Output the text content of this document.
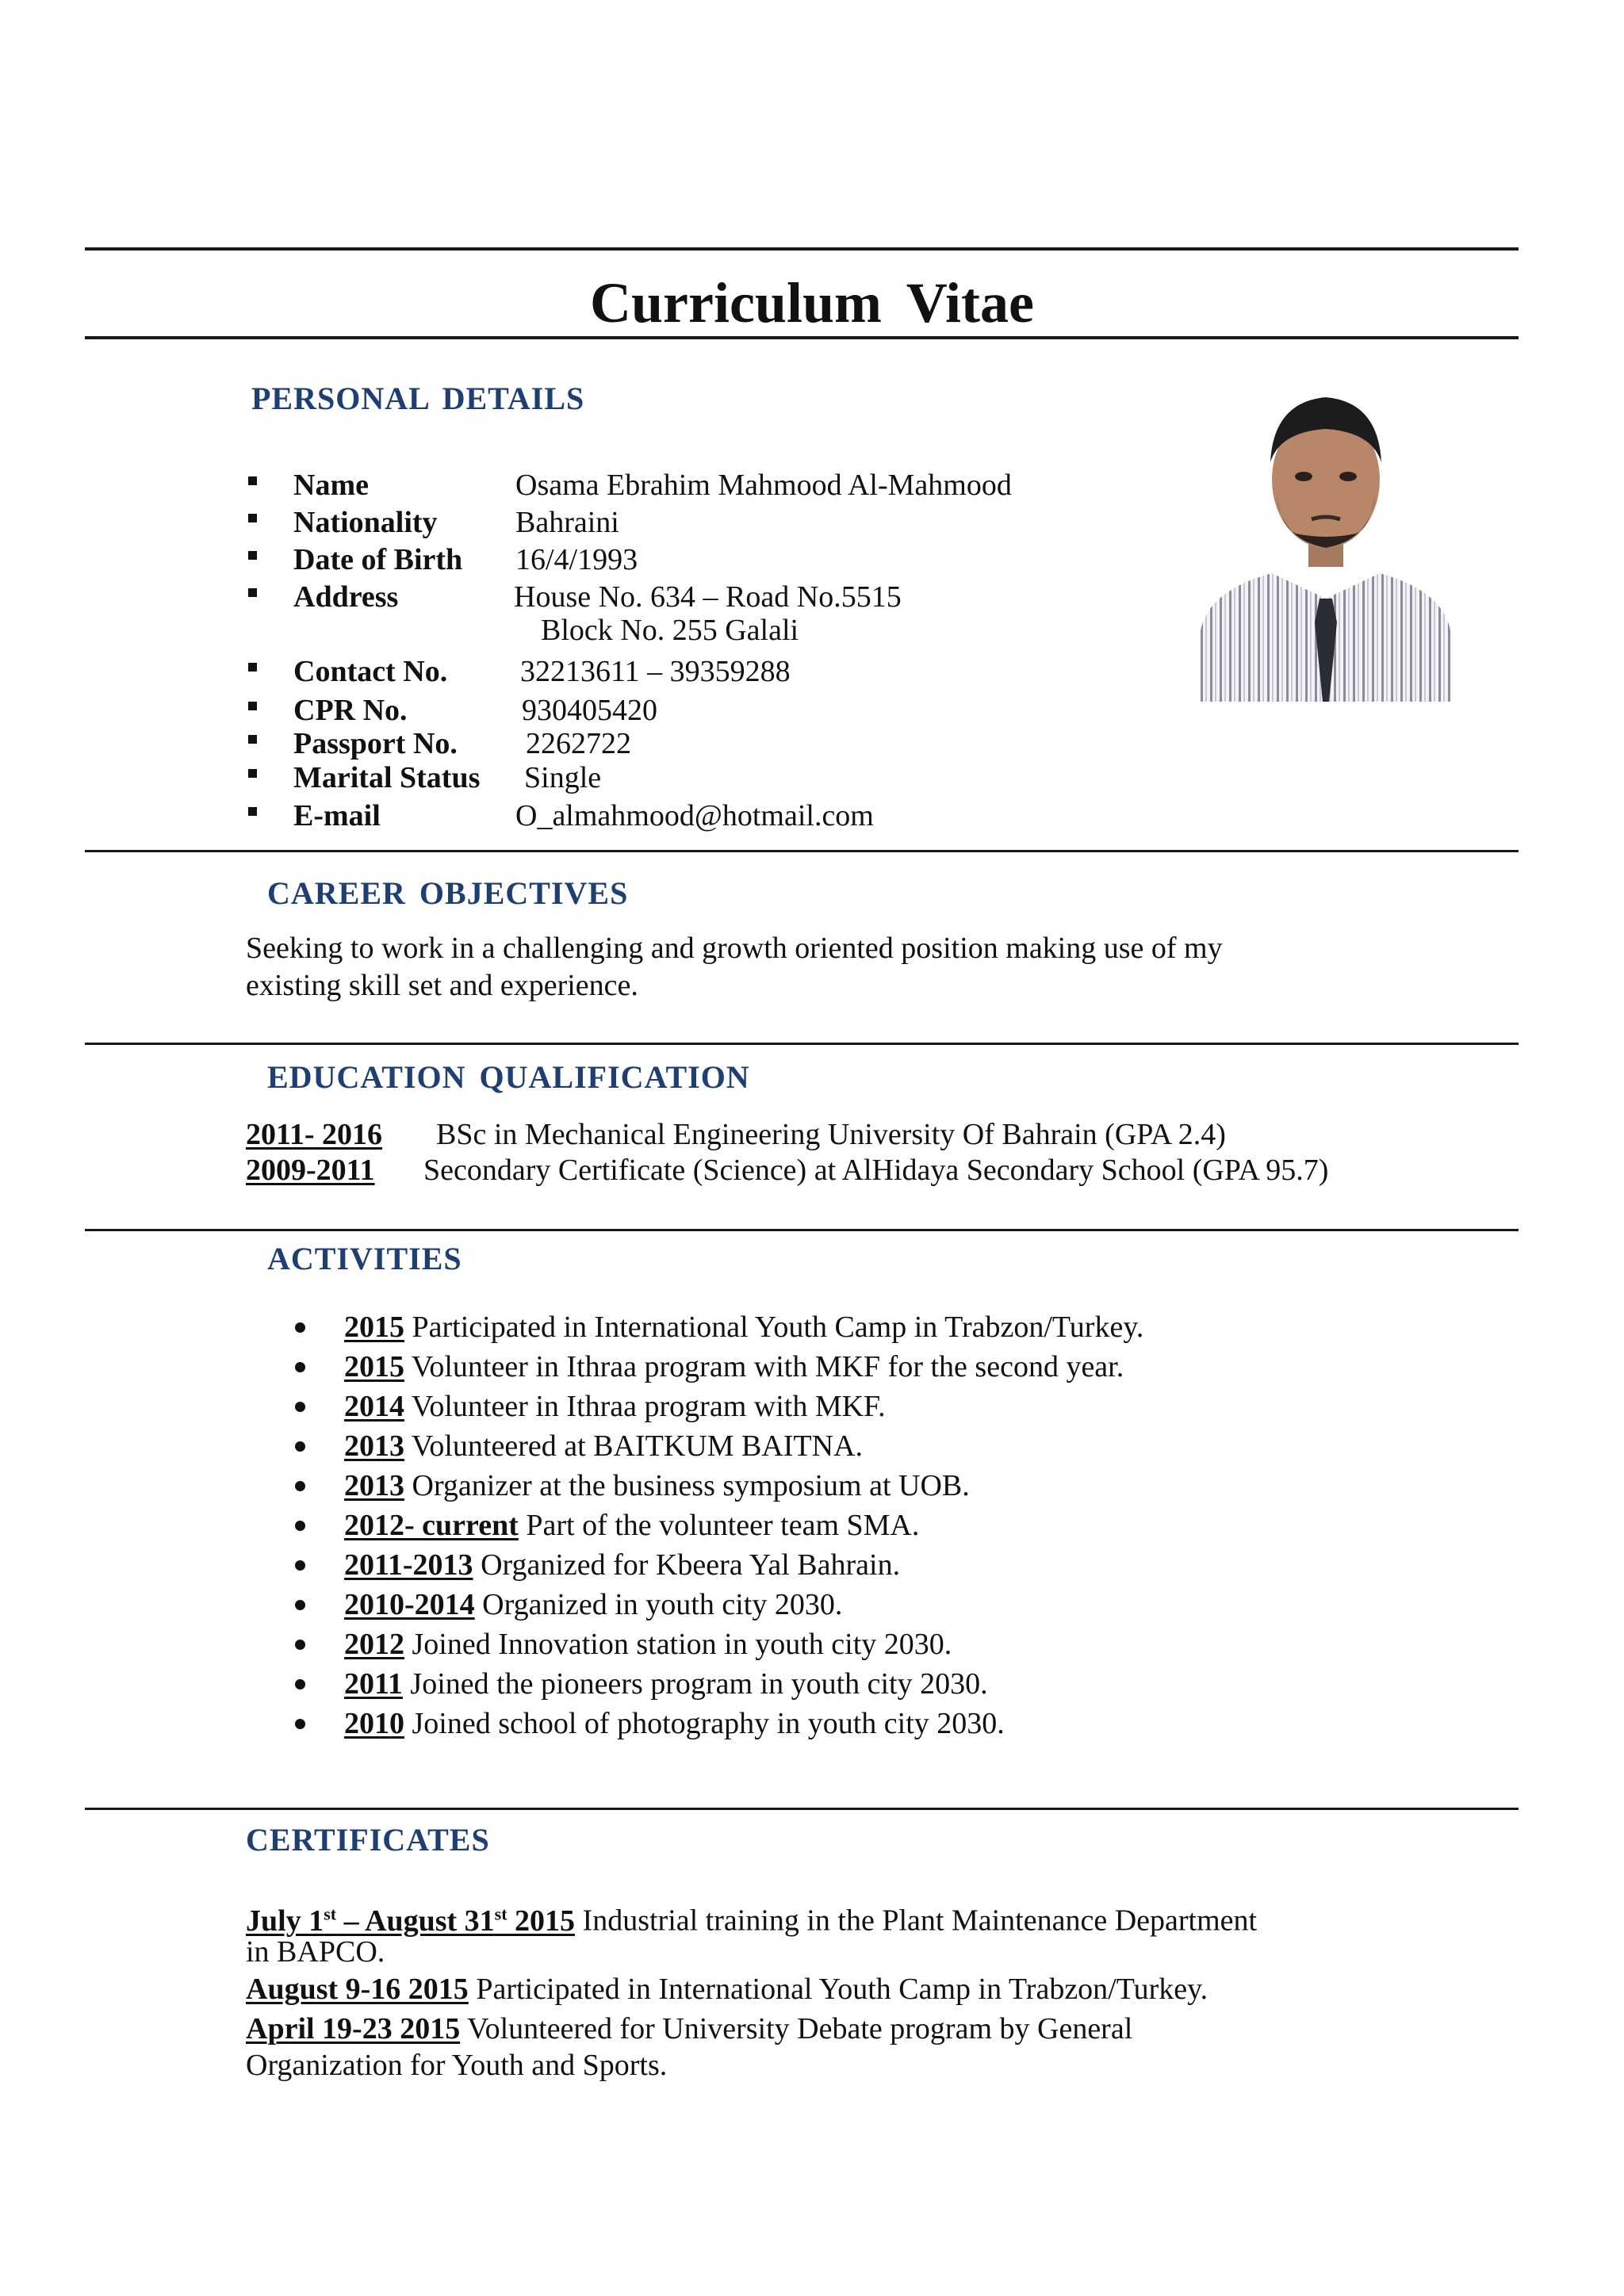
Curriculum Vitae
PERSONAL DETAILS
Name	Osama Ebrahim Mahmood Al-Mahmood
Nationality	Bahraini
Date of Birth 16/4/1993
Address	House No. 634 – Road No.5515
Block No. 255 Galali
Contact No. 32213611 – 39359288
CPR No.	930405420
Passport No. 2262722
Marital Status Single
E-mail	O_almahmood@hotmail.com
CAREER OBJECTIVES
Seeking to work in a challenging and growth oriented position making use of my
existing skill set and experience.
EDUCATION QUALIFICATION
2011- 2016 BSc in Mechanical Engineering University Of Bahrain (GPA 2.4)
2009-2011 Secondary Certificate (Science) at AlHidaya Secondary School (GPA 95.7)
ACTIVITIES
2015 Participated in International Youth Camp in Trabzon/Turkey.
2015 Volunteer in Ithraa program with MKF for the second year.
2014 Volunteer in Ithraa program with MKF.
2013 Volunteered at BAITKUM BAITNA.
2013 Organizer at the business symposium at UOB.
2012- current Part of the volunteer team SMA.
2011-2013 Organized for Kbeera Yal Bahrain.
2010-2014 Organized in youth city 2030.
2012 Joined Innovation station in youth city 2030.
2011 Joined the pioneers program in youth city 2030.
2010 Joined school of photography in youth city 2030.
CERTIFICATES
July 1st – August 31st 2015 Industrial training in the Plant Maintenance Department
in BAPCO.
August 9-16 2015 Participated in International Youth Camp in Trabzon/Turkey.
April 19-23 2015 Volunteered for University Debate program by General
Organization for Youth and Sports.
